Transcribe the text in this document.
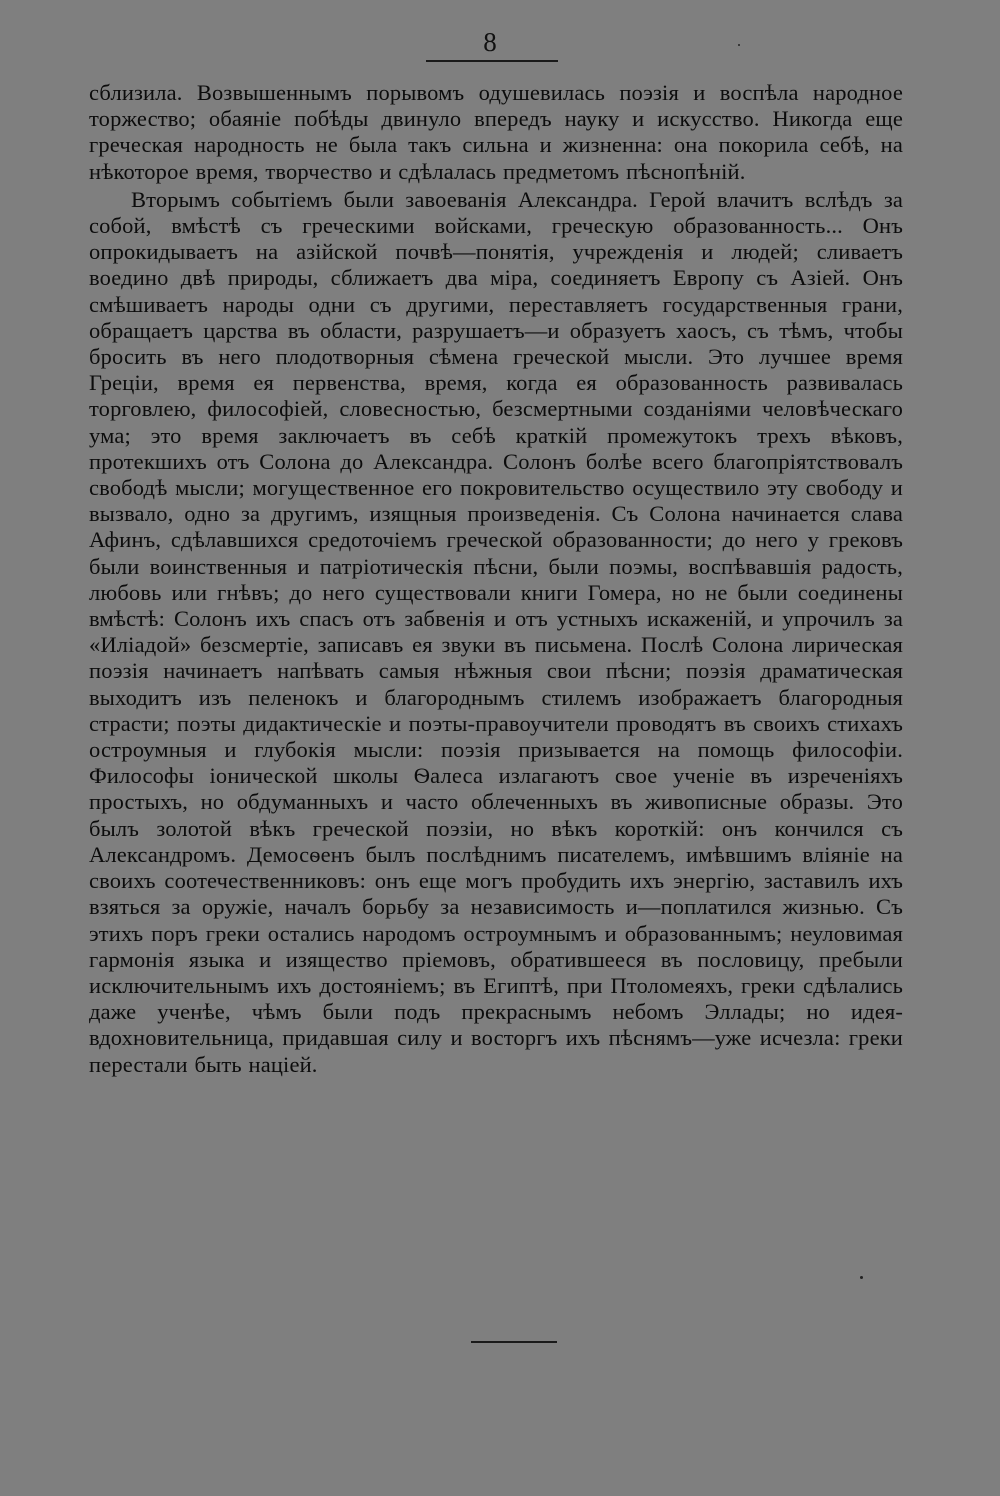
8

сблизила. Возвышеннымъ порывомъ одушевилась поэзія и воспѣла народное торжество; обаяніе побѣды двинуло впередъ науку и искусство. Никогда еще греческая народность не была такъ сильна и жизненна: она покорила себѣ, на нѣкоторое время, творчество и сдѣлалась предметомъ пѣснопѣній.

Вторымъ событіемъ были завоеванія Александра. Герой влачитъ вслѣдъ за собой, вмѣстѣ съ греческими войсками, греческую образованность... Онъ опрокидываетъ на азійской почвѣ—понятія, учрежденія и людей; сливаетъ воедино двѣ природы, сближаетъ два міра, соединяетъ Европу съ Азіей. Онъ смѣшиваетъ народы одни съ другими, переставляетъ государственныя грани, обращаетъ царства въ области, разрушаетъ—и образуетъ хаосъ, съ тѣмъ, чтобы бросить въ него плодотворныя сѣмена греческой мысли. Это лучшее время Греціи, время ея первенства, время, когда ея образованность развивалась торговлею, философіей, словесностью, безсмертными созданіями человѣческаго ума; это время заключаетъ въ себѣ краткій промежутокъ трехъ вѣковъ, протекшихъ отъ Солона до Александра. Солонъ болѣе всего благопріятствовалъ свободѣ мысли; могущественное его покровительство осуществило эту свободу и вызвало, одно за другимъ, изящныя произведенія. Съ Солона начинается слава Афинъ, сдѣлавшихся средоточіемъ греческой образованности; до него у грековъ были воинственныя и патріотическія пѣсни, были поэмы, воспѣвавшія радость, любовь или гнѣвъ; до него существовали книги Гомера, но не были соединены вмѣстѣ: Солонъ ихъ спасъ отъ забвенія и отъ устныхъ искаженій, и упрочилъ за «Иліадой» безсмертіе, записавъ ея звуки въ письмена. Послѣ Солона лирическая поэзія начинаетъ напѣвать самыя нѣжныя свои пѣсни; поэзія драматическая выходитъ изъ пеленокъ и благороднымъ стилемъ изображаетъ благородныя страсти; поэты дидактическіе и поэты-правоучители проводятъ въ своихъ стихахъ остроумныя и глубокія мысли: поэзія призывается на помощь философіи. Философы іонической школы Ѳалеса излагаютъ свое ученіе въ изреченіяхъ простыхъ, но обдуманныхъ и часто облеченныхъ въ живописные образы. Это былъ золотой вѣкъ греческой поэзіи, но вѣкъ короткій: онъ кончился съ Александромъ. Демосѳенъ былъ послѣднимъ писателемъ, имѣвшимъ вліяніе на своихъ соотечественниковъ: онъ еще могъ пробудить ихъ энергію, заставилъ ихъ взяться за оружіе, началъ борьбу за независимость и—поплатился жизнью. Съ этихъ поръ греки остались народомъ остроумнымъ и образованнымъ; неуловимая гармонія языка и изящество пріемовъ, обратившееся въ пословицу, пребыли исключительнымъ ихъ достояніемъ; въ Египтѣ, при Птоломеяхъ, греки сдѣлались даже ученѣе, чѣмъ были подъ прекраснымъ небомъ Эллады; но идея-вдохновительница, придавшая силу и восторгъ ихъ пѣснямъ—уже исчезла: греки перестали быть націей.
